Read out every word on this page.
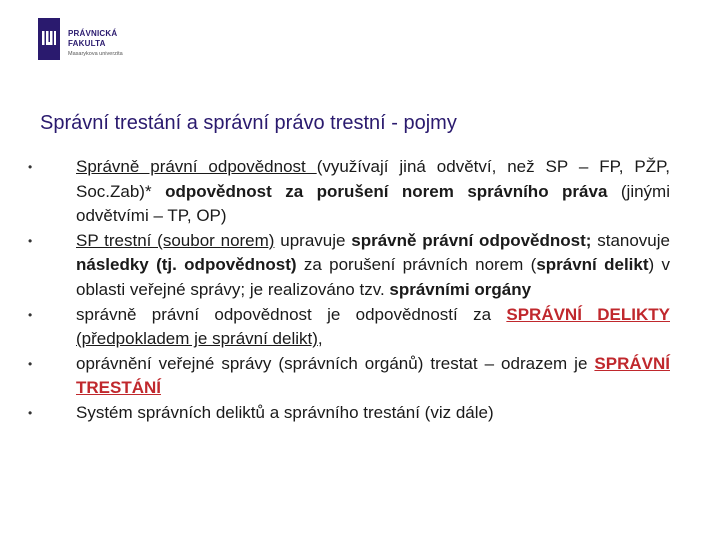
PRÁVNICKÁ
FAKULTA
Masarykova univerzita
Správní trestání a správní právo trestní - pojmy
• Správně právní odpovědnost (využívají jiná odvětví, než SP – FP, PŽP, Soc.Zab)* odpovědnost za porušení norem správního práva (jinými odvětvími – TP, OP)
• SP trestní (soubor norem) upravuje správně právní odpovědnost; stanovuje následky (tj. odpovědnost) za porušení právních norem (správní delikt) v oblasti veřejné správy; je realizováno tzv. správními orgány
• správně právní odpovědnost je odpovědností za SPRÁVNÍ DELIKTY (předpokladem je správní delikt),
• oprávnění veřejné správy (správních orgánů) trestat – odrazem je SPRÁVNÍ TRESTÁNÍ
• Systém správních deliktů a správního trestání (viz dále)
